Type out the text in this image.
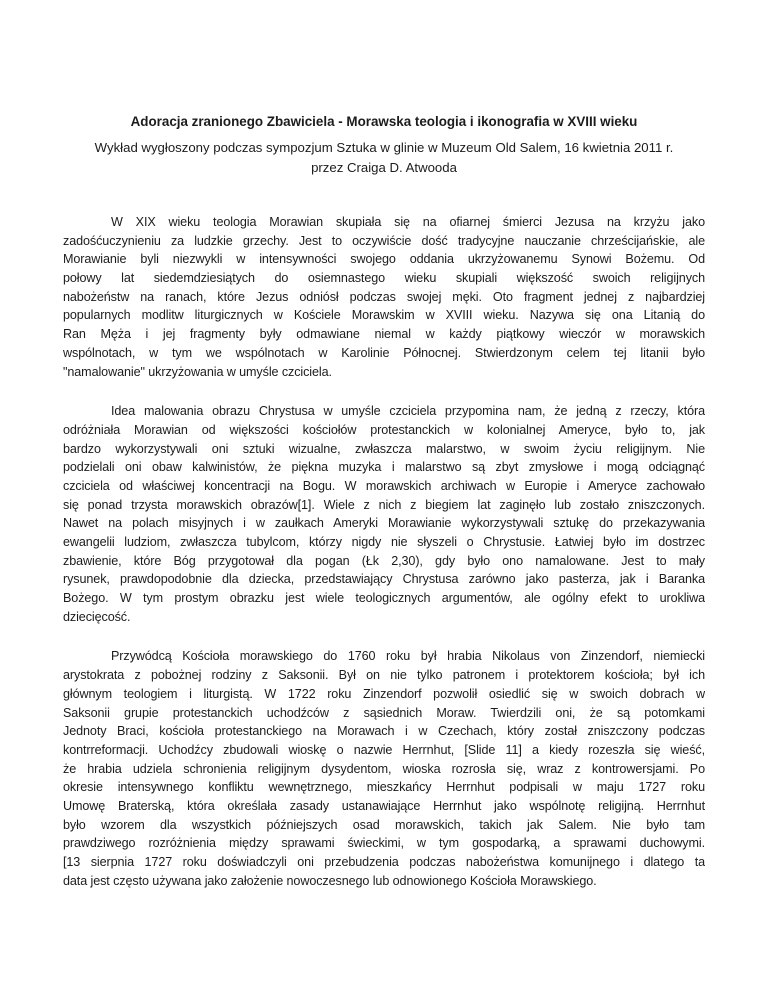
Adoracja zranionego Zbawiciela - Morawska teologia i ikonografia w XVIII wieku
Wykład wygłoszony podczas sympozjum Sztuka w glinie w Muzeum Old Salem, 16 kwietnia 2011 r.
przez Craiga D. Atwooda
W XIX wieku teologia Morawian skupiała się na ofiarnej śmierci Jezusa na krzyżu jako
zadośćuczynieniu za ludzkie grzechy. Jest to oczywiście dość tradycyjne nauczanie chrześcijańskie, ale
Morawianie byli niezwykli w intensywności swojego oddania ukrzyżowanemu Synowi Bożemu. Od
połowy lat siedemdziesiątych do osiemnastego wieku skupiali większość swoich religijnych
nabożeństw na ranach, które Jezus odniósł podczas swojej męki. Oto fragment jednej z najbardziej
popularnych modlitw liturgicznych w Kościele Morawskim w XVIII wieku. Nazywa się ona Litanią do
Ran Męża i jej fragmenty były odmawiane niemal w każdy piątkowy wieczór w morawskich
wspólnotach, w tym we wspólnotach w Karolinie Północnej. Stwierdzonym celem tej litanii było
"namalowanie" ukrzyżowania w umyśle czciciela.
Idea malowania obrazu Chrystusa w umyśle czciciela przypomina nam, że jedną z rzeczy, która
odróżniała Morawian od większości kościołów protestanckich w kolonialnej Ameryce, było to, jak
bardzo wykorzystywali oni sztuki wizualne, zwłaszcza malarstwo, w swoim życiu religijnym. Nie
podzielali oni obaw kalwinistów, że piękna muzyka i malarstwo są zbyt zmysłowe i mogą odciągnąć
czciciela od właściwej koncentracji na Bogu. W morawskich archiwach w Europie i Ameryce zachowało
się ponad trzysta morawskich obrazów[1]. Wiele z nich z biegiem lat zaginęło lub zostało zniszczonych.
Nawet na polach misyjnych i w zaułkach Ameryki Morawianie wykorzystywali sztukę do przekazywania
ewangelii ludziom, zwłaszcza tubylcom, którzy nigdy nie słyszeli o Chrystusie. Łatwiej było im dostrzec
zbawienie, które Bóg przygotował dla pogan (Łk 2,30), gdy było ono namalowane. Jest to mały
rysunek, prawdopodobnie dla dziecka, przedstawiający Chrystusa zarówno jako pasterza, jak i Baranka
Bożego. W tym prostym obrazku jest wiele teologicznych argumentów, ale ogólny efekt to urokliwa
dziecięcość.
Przywódcą Kościoła morawskiego do 1760 roku był hrabia Nikolaus von Zinzendorf, niemiecki
arystokrata z pobożnej rodziny z Saksonii. Był on nie tylko patronem i protektorem kościoła; był ich
głównym teologiem i liturgistą. W 1722 roku Zinzendorf pozwolił osiedlić się w swoich dobrach w
Saksonii grupie protestanckich uchodźców z sąsiednich Moraw. Twierdzili oni, że są potomkami
Jednoty Braci, kościoła protestanckiego na Morawach i w Czechach, który został zniszczony podczas
kontrreformacji. Uchodźcy zbudowali wioskę o nazwie Herrnhut, [Slide 11] a kiedy rozeszła się wieść,
że hrabia udziela schronienia religijnym dysydentom, wioska rozrosła się, wraz z kontrowersjami. Po
okresie intensywnego konfliktu wewnętrznego, mieszkańcy Herrnhut podpisali w maju 1727 roku
Umowę Braterską, która określała zasady ustanawiające Herrnhut jako wspólnotę religijną. Herrnhut
było wzorem dla wszystkich późniejszych osad morawskich, takich jak Salem. Nie było tam
prawdziwego rozróżnienia między sprawami świeckimi, w tym gospodarką, a sprawami duchowymi.
[13 sierpnia 1727 roku doświadczyli oni przebudzenia podczas nabożeństwa komunijnego i dlatego ta
data jest często używana jako założenie nowoczesnego lub odnowionego Kościoła Morawskiego.
